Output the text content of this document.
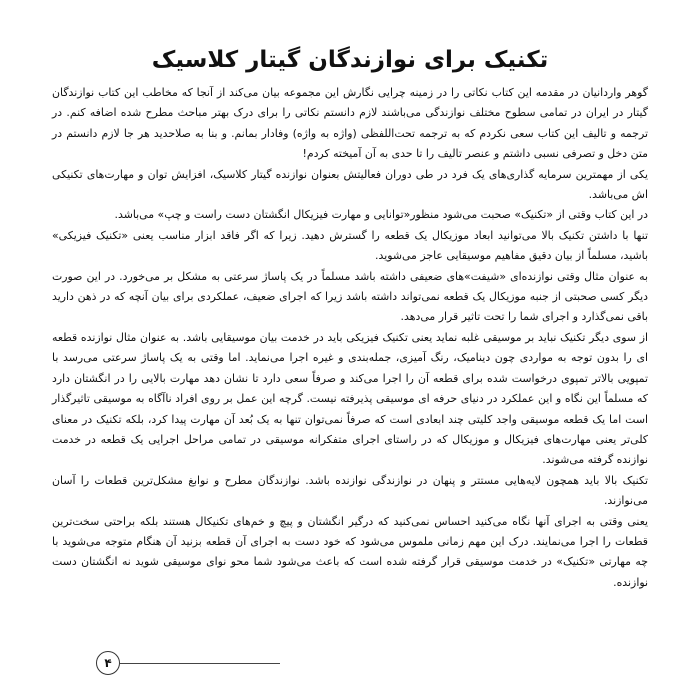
تکنیک برای نوازندگان گیتار کلاسیک

گوهر واردانیان در مقدمه این کتاب نکاتی را در زمینه چرایی نگارش این مجموعه بیان می‌کند از آنجا که مخاطب این کتاب نوازندگان گیتار در ایران در تمامی سطوح مختلف نوازندگی می‌باشند لازم دانستم نکاتی را برای درک بهتر مباحث مطرح شده اضافه کنم. در ترجمه و تالیف این کتاب سعی نکردم که به ترجمه تحت‌اللفظی (واژه به واژه) وفادار بمانم. و بنا به صلاحدید هر جا لازم دانستم در متن دخل و تصرفی نسبی داشتم و عنصر تالیف را تا حدی به آن آمیخته کردم!

یکی از مهمترین سرمایه گذاری‌های یک فرد در طی دوران فعالیتش بعنوان نوازنده گیتار کلاسیک، افزایش توان و مهارت‌های تکنیکی اش می‌باشد.

در این کتاب وقتی از «تکنیک» صحبت می‌شود منظور«توانایی و مهارت فیزیکال انگشتان دست راست و چپ» می‌باشد.

تنها با داشتن تکنیک بالا می‌توانید ابعاد موزیکال یک قطعه را گسترش دهید. زیرا که اگر فاقد ابزار مناسب یعنی «تکنیک فیزیکی» باشید، مسلماً از بیان دقیق مفاهیم موسیقایی عاجز می‌شوید.

به عنوان مثال وقتی نوازنده‌ای «شیفت»های ضعیفی داشته باشد مسلماً در یک پاساژ سرعتی به مشکل بر می‌خورد. در این صورت دیگر کسی صحبتی از جنبه موزیکال یک قطعه نمی‌تواند داشته باشد زیرا که اجرای ضعیف، عملکردی برای بیان آنچه که در ذهن دارید باقی نمی‌گذارد و اجرای شما را تحت تاثیر قرار می‌دهد.

از سوی دیگر تکنیک نباید بر موسیقی غلبه نماید یعنی تکنیک فیزیکی باید در خدمت بیان موسیقایی باشد. به عنوان مثال نوازنده قطعه ای را بدون توجه به مواردی چون دینامیک، رنگ آمیزی، جمله‌بندی و غیره اجرا می‌نماید. اما وقتی به یک پاساژ سرعتی می‌رسد با تمپویی بالاتر تمپوی درخواست شده برای قطعه آن را اجرا می‌کند و صرفاً سعی دارد تا نشان دهد مهارت بالایی را در انگشتان دارد که مسلماً این نگاه و این عملکرد در دنیای حرفه ای موسیقی پذیرفته نیست. گرچه این عمل بر روی افراد ناآگاه به موسیقی تاثیرگذار است اما یک قطعه موسیقی واجد کلیتی چند ابعادی است که صرفاً نمی‌توان تنها به یک بُعد آن مهارت پیدا کرد، بلکه تکنیک در معنای کلی‌تر یعنی مهارت‌های فیزیکال و موزیکال که در راستای اجرای متفکرانه موسیقی در تمامی مراحل اجرایی یک قطعه در خدمت نوازنده گرفته می‌شوند.

تکنیک بالا باید همچون لایه‌هایی مستتر و پنهان در نوازندگی نوازنده باشد. نوازندگان مطرح و نوابغ مشکل‌ترین قطعات را آسان می‌نوازند.

یعنی وقتی به اجرای آنها نگاه می‌کنید احساس نمی‌کنید که درگیر انگشتان و پیچ و خم‌های تکنیکال هستند بلکه براحتی سخت‌ترین قطعات را اجرا می‌نمایند. درک این مهم زمانی ملموس می‌شود که خود دست به اجرای آن قطعه بزنید آن هنگام متوجه می‌شوید با چه مهارتی «تکنیک» در خدمت موسیقی قرار گرفته شده است که باعث می‌شود شما محو نوای موسیقی شوید نه انگشتان دست نوازنده.

۴
